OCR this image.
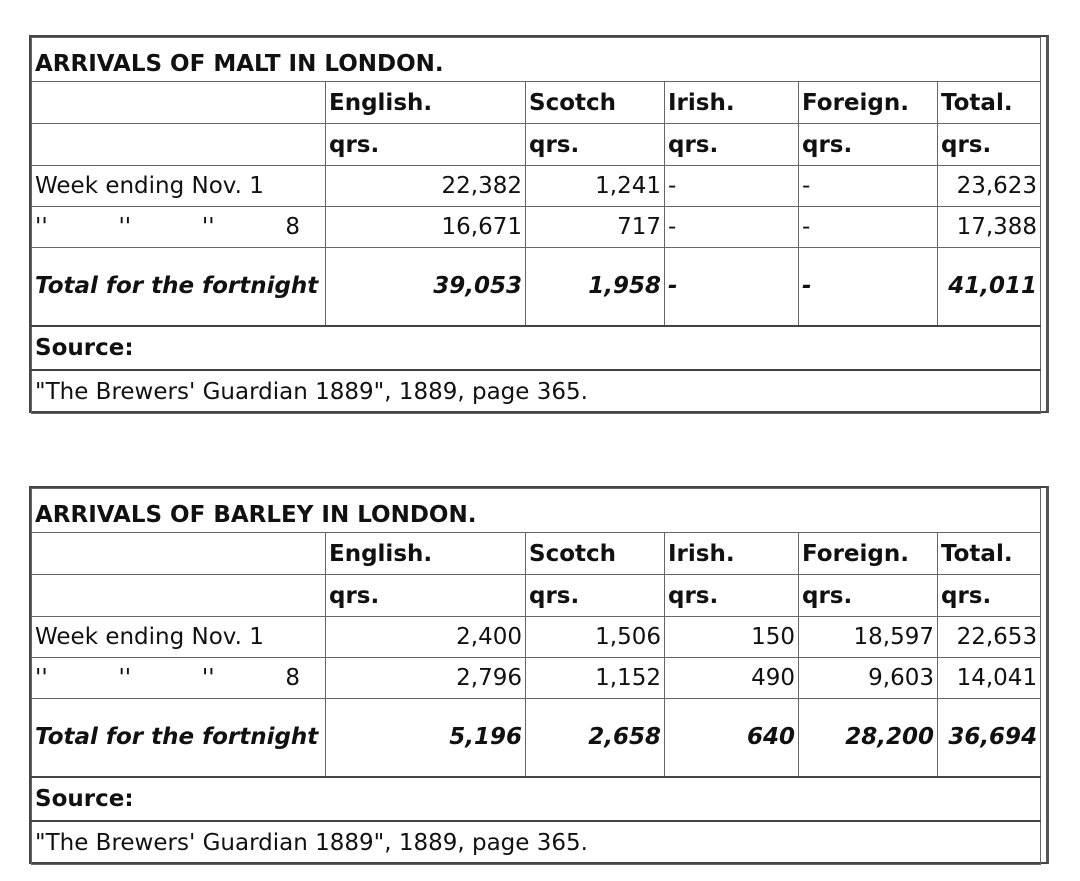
ARRIVALS OF MALT IN LONDON.					
	English.	Scotch	Irish.	Foreign.	Total.
	qrs.	qrs.	qrs.	qrs.	qrs.
Week ending Nov. 1	22,382	1,241	-	-	23,623

'' '' '' 8	16,671	717	-	-	17,388
Total for the fortnight	39,053	1,958	-	-	41,011
Source:					
"The Brewers' Guardian 1889", 1889, page 365.					
ARRIVALS OF BARLEY IN LONDON.					
	English.	Scotch	Irish.	Foreign.	Total.
	qrs.	qrs.	qrs.	qrs.	qrs.
Week ending Nov. 1	2,400	1,506	150	18,597	22,653

'' '' '' 8	2,796	1,152	490	9,603	14,041
Total for the fortnight	5,196	2,658	640	28,200	36,694
Source:					
"The Brewers' Guardian 1889", 1889, page 365.					
